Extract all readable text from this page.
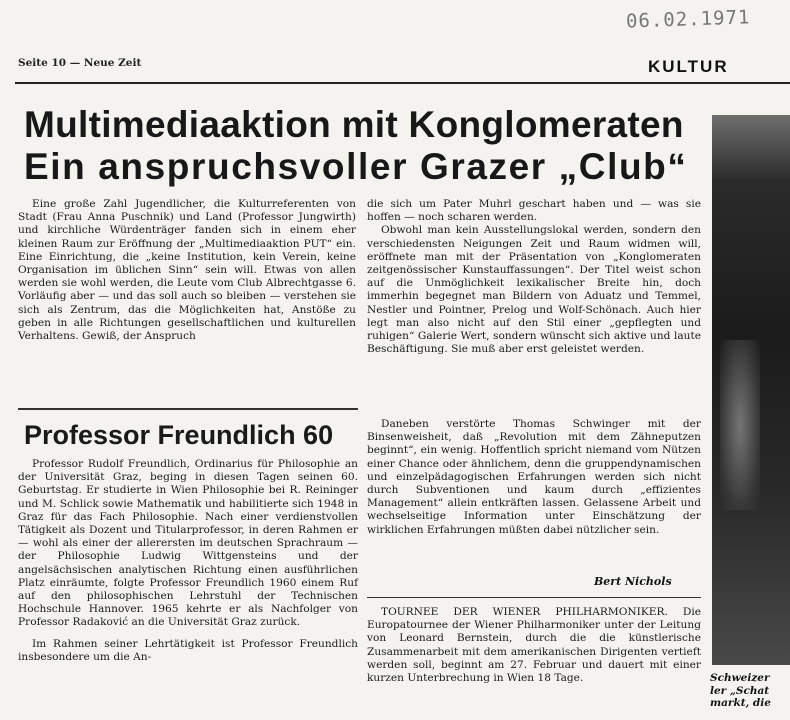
06.02.1971
Seite 10 — Neue Zeit	KULTUR
Multimediaaktion mit Konglomeraten
Ein anspruchsvoller Grazer „Club“

Eine große Zahl Jugendlicher, die Kulturreferenten von Stadt (Frau Anna Puschnik) und Land (Professor Jungwirth) und kirchliche Würdenträger fanden sich in einem eher kleinen Raum zur Eröffnung der „Multimediaaktion PUT“ ein. Eine Einrichtung, die „keine Institution, kein Verein, keine Organisation im üblichen Sinn“ sein will. Etwas von allen werden sie wohl werden, die Leute vom Club Albrechtgasse 6. Vorläufig aber — und das soll auch so bleiben — verstehen sie sich als Zentrum, das die Möglichkeiten hat, Anstöße zu geben in alle Richtungen gesellschaftlichen und kulturellen Verhaltens. Gewiß, der Anspruch

die sich um Pater Muhrl geschart haben und — was sie hoffen — noch scharen werden.

Obwohl man kein Ausstellungslokal werden, sondern den verschiedensten Neigungen Zeit und Raum widmen will, eröffnete man mit der Präsentation von „Konglomeraten zeitgenössischer Kunstauffassungen“. Der Titel weist schon auf die Unmöglichkeit lexikalischer Breite hin, doch immerhin begegnet man Bildern von Aduatz und Temmel, Nestler und Pointner, Prelog und Wolf-Schönach. Auch hier legt man also nicht auf den Stil einer „gepflegten und ruhigen“ Galerie Wert, sondern wünscht sich aktive und laute Beschäftigung. Sie muß aber erst geleistet werden.

Daneben verstörte Thomas Schwinger mit der Binsenweisheit, daß „Revolution mit dem Zähneputzen beginnt“, ein wenig. Hoffentlich spricht niemand vom Nützen einer Chance oder ähnlichem, denn die gruppendynamischen und einzelpädagogischen Erfahrungen werden sich nicht durch Subventionen und kaum durch „effizientes Management“ allein entkräften lassen. Gelassene Arbeit und wechselseitige Information unter Einschätzung der wirklichen Erfahrungen müßten dabei nützlicher sein.

Bert Nichols
Professor Freundlich 60

Professor Rudolf Freundlich, Ordinarius für Philosophie an der Universität Graz, beging in diesen Tagen seinen 60. Geburtstag. Er studierte in Wien Philosophie bei R. Reininger und M. Schlick sowie Mathematik und habilitierte sich 1948 in Graz für das Fach Philosophie. Nach einer verdienstvollen Tätigkeit als Dozent und Titularprofessor, in deren Rahmen er — wohl als einer der allerersten im deutschen Sprachraum — der Philosophie Ludwig Wittgensteins und der angelsächsischen analytischen Richtung einen ausführlichen Platz einräumte, folgte Professor Freundlich 1960 einem Ruf auf den philosophischen Lehrstuhl der Technischen Hochschule Hannover. 1965 kehrte er als Nachfolger von Professor Radaković an die Universität Graz zurück.

Im Rahmen seiner Lehrtätigkeit ist Professor Freundlich insbesondere um die An-

TOURNEE DER WIENER PHILHARMONIKER. Die Europatournee der Wiener Philharmoniker unter der Leitung von Leonard Bernstein, durch die die künstlerische Zusammenarbeit mit dem amerikanischen Dirigenten vertieft werden soll, beginnt am 27. Februar und dauert mit einer kurzen Unterbrechung in Wien 18 Tage.	Schweizer
ler „Schat
markt, die
